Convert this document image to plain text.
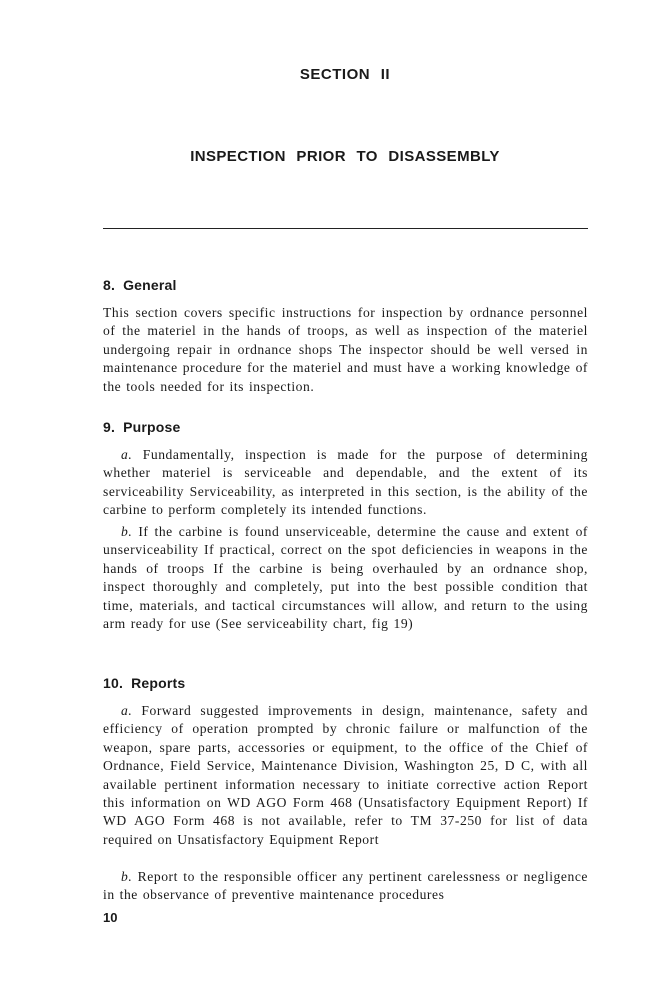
SECTION II
INSPECTION PRIOR TO DISASSEMBLY
8. General

This section covers specific instructions for inspection by ordnance personnel of the materiel in the hands of troops, as well as inspection of the materiel undergoing repair in ordnance shops The inspector should be well versed in maintenance procedure for the materiel and must have a working knowledge of the tools needed for its inspection.

9. Purpose

a. Fundamentally, inspection is made for the purpose of determining whether materiel is serviceable and dependable, and the extent of its serviceability Serviceability, as interpreted in this section, is the ability of the carbine to perform completely its intended functions.

b. If the carbine is found unserviceable, determine the cause and extent of unserviceability If practical, correct on the spot deficiencies in weapons in the hands of troops If the carbine is being overhauled by an ordnance shop, inspect thoroughly and completely, put into the best possible condition that time, materials, and tactical circumstances will allow, and return to the using arm ready for use (See serviceability chart, fig 19)

10. Reports

a. Forward suggested improvements in design, maintenance, safety and efficiency of operation prompted by chronic failure or malfunction of the weapon, spare parts, accessories or equipment, to the office of the Chief of Ordnance, Field Service, Maintenance Division, Washington 25, D C, with all available pertinent information necessary to initiate corrective action Report this information on WD AGO Form 468 (Unsatisfactory Equipment Report) If WD AGO Form 468 is not available, refer to TM 37-250 for list of data required on Unsatisfactory Equipment Report

b. Report to the responsible officer any pertinent carelessness or negligence in the observance of preventive maintenance procedures

10
